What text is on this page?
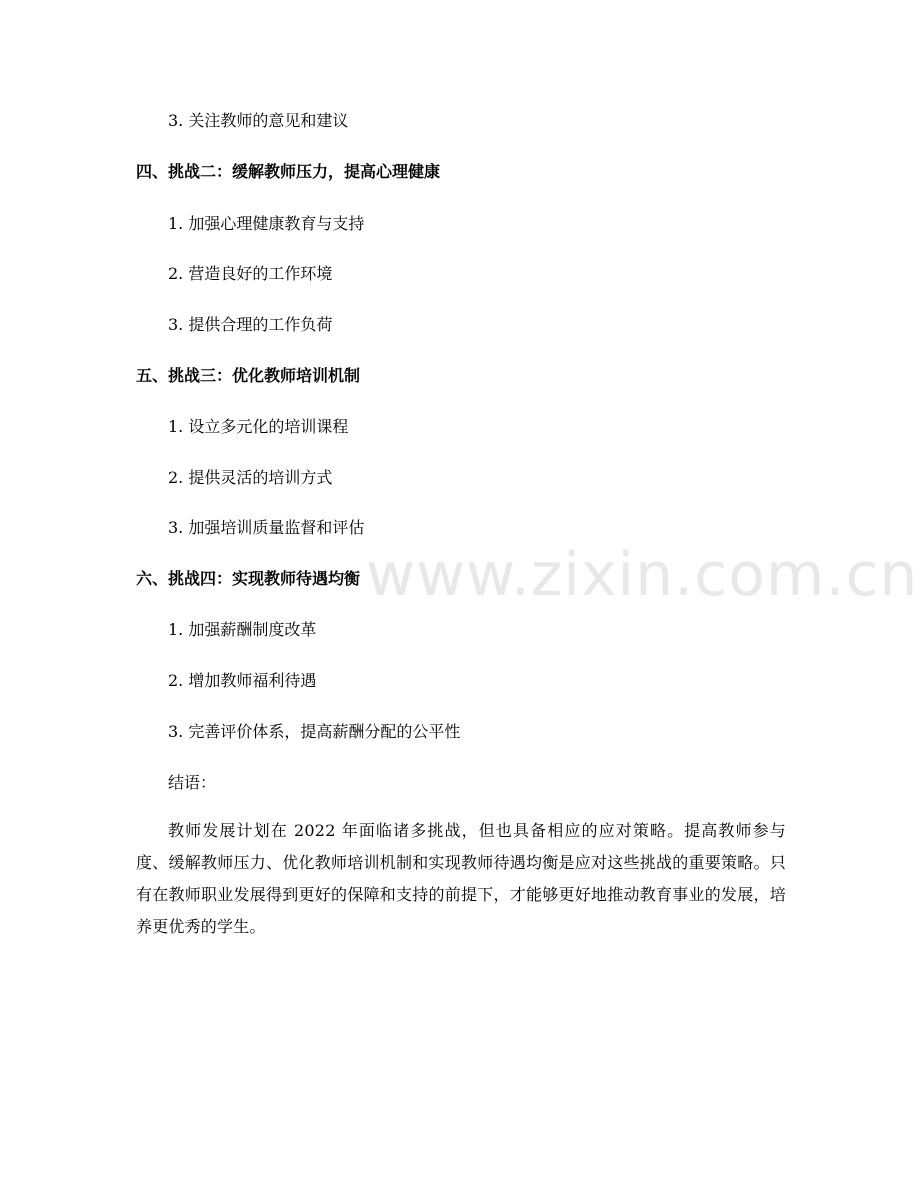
3. 关注教师的意见和建议
四、挑战二：缓解教师压力，提高心理健康
1. 加强心理健康教育与支持
2. 营造良好的工作环境
3. 提供合理的工作负荷
五、挑战三：优化教师培训机制
1. 设立多元化的培训课程
2. 提供灵活的培训方式
3. 加强培训质量监督和评估
六、挑战四：实现教师待遇均衡
1. 加强薪酬制度改革
2. 增加教师福利待遇
3. 完善评价体系，提高薪酬分配的公平性
结语：
教师发展计划在 2022 年面临诸多挑战，但也具备相应的应对策略。提高教师参与度、缓解教师压力、优化教师培训机制和实现教师待遇均衡是应对这些挑战的重要策略。只有在教师职业发展得到更好的保障和支持的前提下，才能够更好地推动教育事业的发展，培养更优秀的学生。
www.zixin.com.cn
